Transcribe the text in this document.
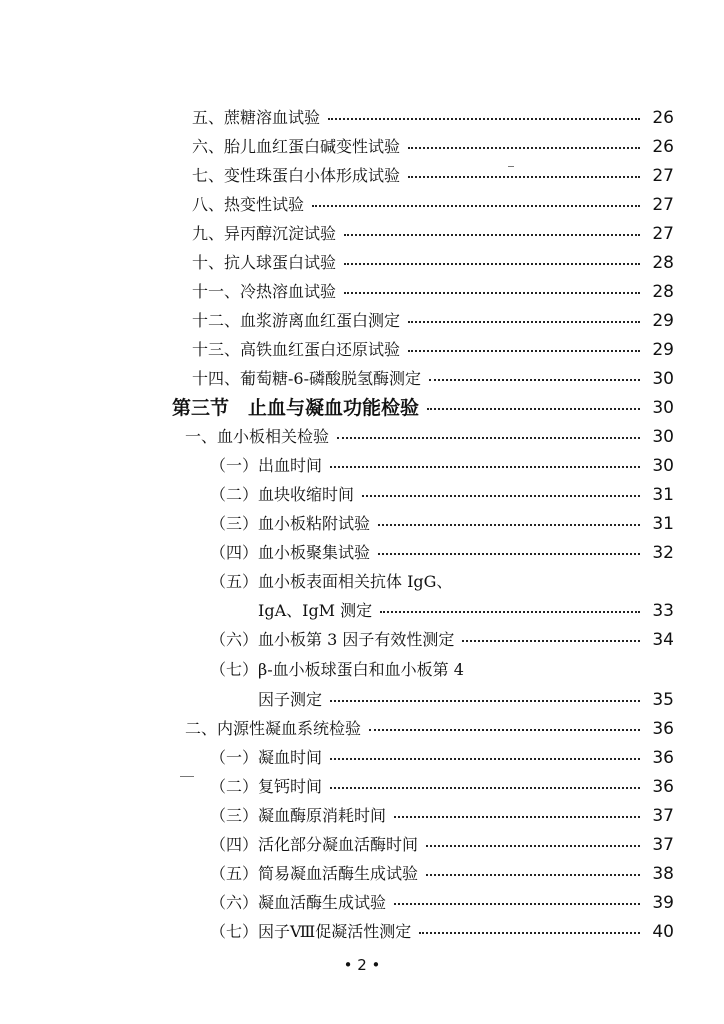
五、蔗糖溶血试验	26
六、胎儿血红蛋白碱变性试验	26
七、变性珠蛋白小体形成试验	27
八、热变性试验	27
九、异丙醇沉淀试验	27
十、抗人球蛋白试验	28
十一、冷热溶血试验	28
十二、血浆游离血红蛋白测定	29
十三、高铁血红蛋白还原试验	29
十四、葡萄糖-6-磷酸脱氢酶测定	30
第三节　止血与凝血功能检验	30
一、血小板相关检验	30
（一）出血时间	30
（二）血块收缩时间	31
（三）血小板粘附试验	31
（四）血小板聚集试验	32
（五）血小板表面相关抗体 IgG、
IgA、IgM 测定	33
（六）血小板第 3 因子有效性测定	34
（七）β-血小板球蛋白和血小板第 4
因子测定	35
二、内源性凝血系统检验	36
（一）凝血时间	36
（二）复钙时间	36
（三）凝血酶原消耗时间	37
（四）活化部分凝血活酶时间	37
（五）简易凝血活酶生成试验	38
（六）凝血活酶生成试验	39
（七）因子Ⅷ促凝活性测定	40
• 2 •
